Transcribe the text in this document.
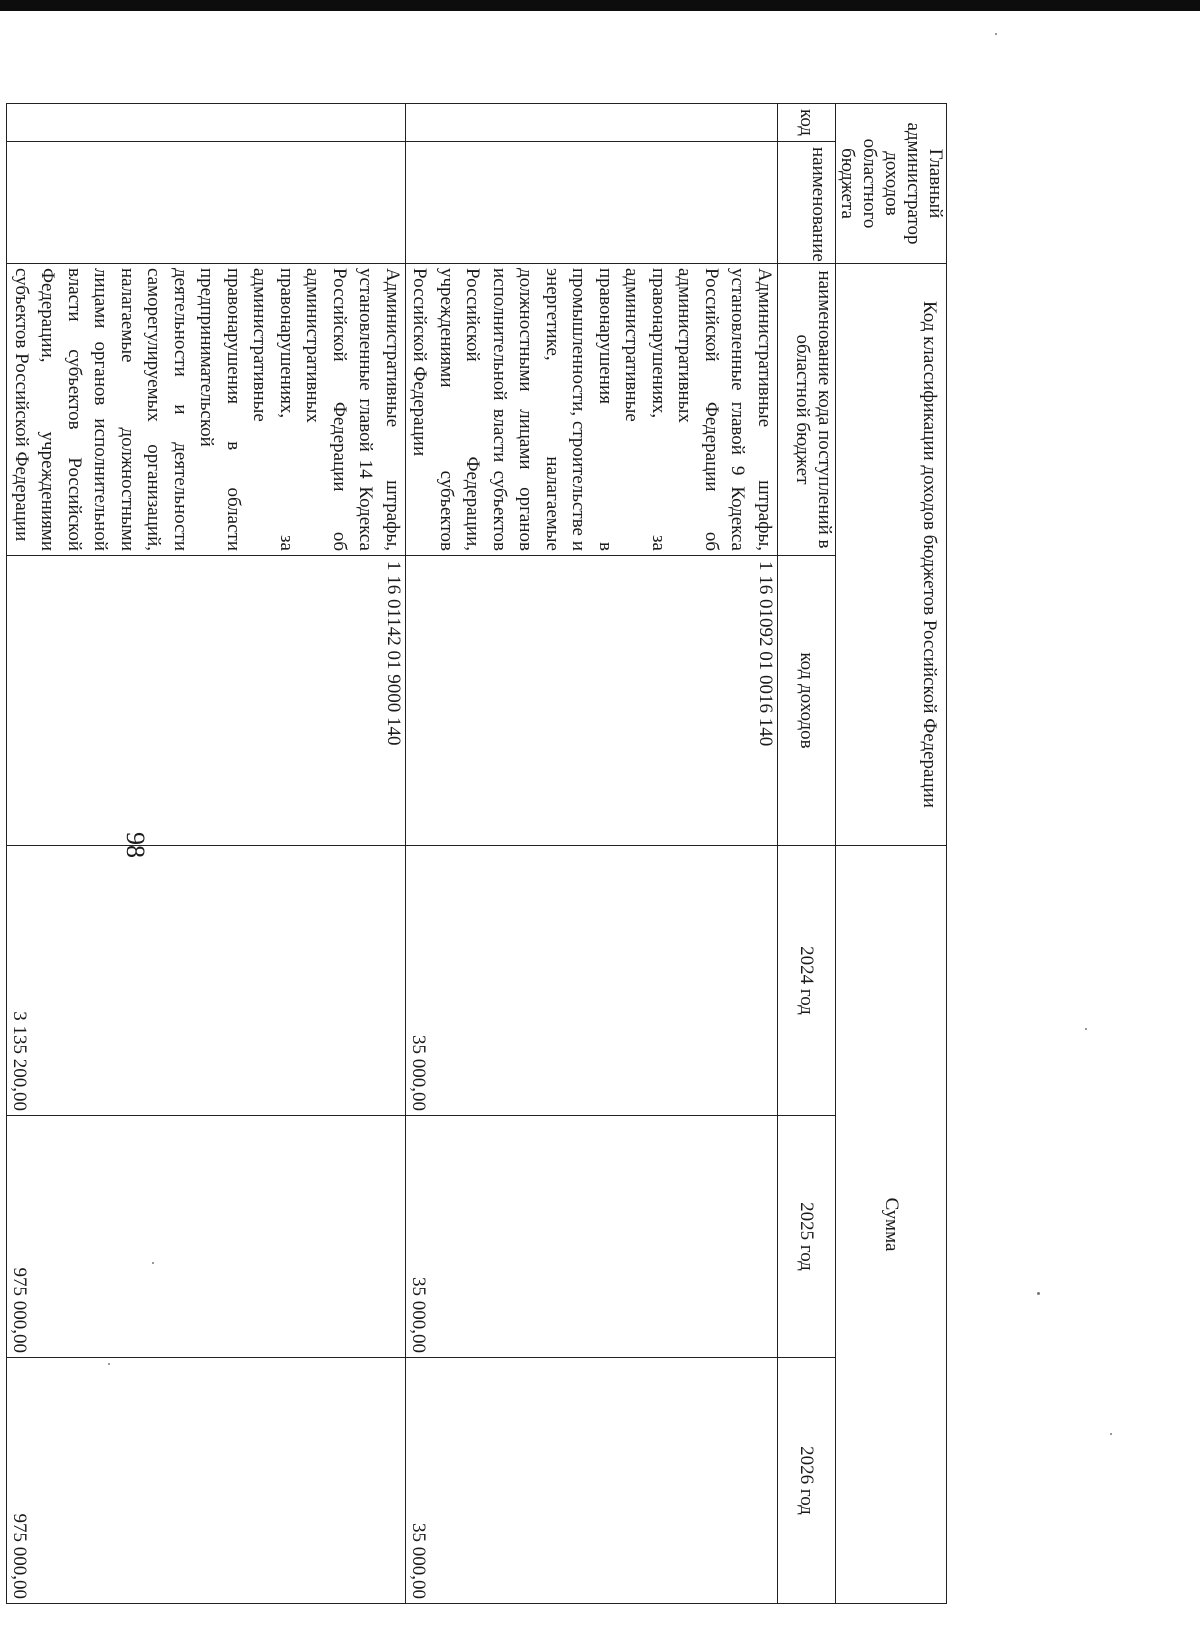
98
Главный администратор доходов областного бюджета		Код классификации доходов бюджетов Российской Федерации		Сумма		
код	наименование	наименование кода поступлений в областной бюджет	код доходов	2024 год	2025 год	2026 год
		Административные штрафы, установленные главой 9 Кодекса Российской Федерации об административных правонарушениях, за административные правонарушения в промышленности, строительстве и энергетике, налагаемые должностными лицами органов исполнительной власти субъектов Российской Федерации, учреждениями субъектов Российской Федерации	1 16 01092 01 0016 140	35 000,00	35 000,00	35 000,00
		Административные штрафы, установленные главой 14 Кодекса Российской Федерации об административных правонарушениях, за административные правонарушения в области предпринимательской деятельности и деятельности саморегулируемых организаций, налагаемые должностными лицами органов исполнительной власти субъектов Российской Федерации, учреждениями субъектов Российской Федерации	1 16 01142 01 9000 140	3 135 200,00	975 000,00	975 000,00
